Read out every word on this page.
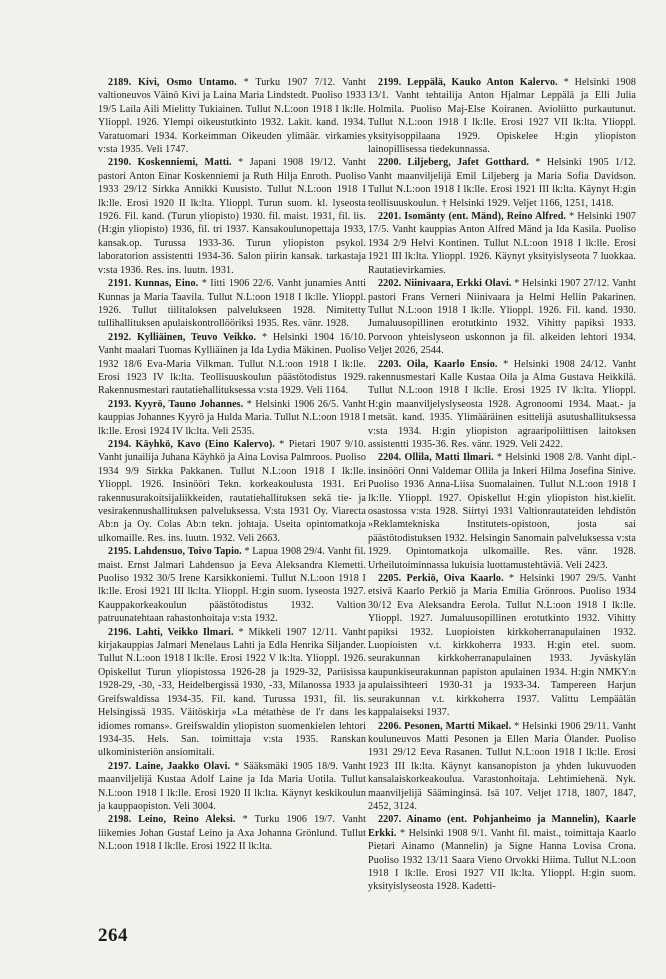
2189. Kivi, Osmo Untamo. * Turku 1907 7/12. Vanht valtioneuvos Väinö Kivi ja Laina Maria Lindstedt. Puoliso 1933 19/5 Laila Aili Mielitty Tukiainen. Tullut N.L:oon 1918 I lk:lle. Ylioppl. 1926. Ylempi oikeustutkinto 1932. Lakit. kand. 1934. Varatuomari 1934. Korkeimman Oikeuden ylimäär. virkamies v:sta 1935. Veli 1747.

2190. Koskenniemi, Matti. * Japani 1908 19/12. Vanht pastori Anton Einar Koskenniemi ja Ruth Hilja Enroth. Puoliso 1933 29/12 Sirkka Annikki Kuusisto. Tullut N.L:oon 1918 I lk:lle. Erosi 1920 II lk:lta. Ylioppl. Turun suom. kl. lyseosta 1926. Fil. kand. (Turun yliopisto) 1930. fil. maist. 1931, fil. lis. (H:gin yliopisto) 1936, fil. tri 1937. Kansakoulunopettaja 1933, kansak.op. Turussa 1933-36. Turun yliopiston psykol. laboratorion assistentti 1934-36. Salon piirin kansak. tarkastaja v:sta 1936. Res. ins. luutn. 1931.

2191. Kunnas, Eino. * Iitti 1906 22/6. Vanht junamies Antti Kunnas ja Maria Taavila. Tullut N.L:oon 1918 I lk:lle. Ylioppl. 1926. Tullut tiilitaloksen palvelukseen 1928. Nimitetty tullihallituksen apulaiskontrollööriksi 1935. Res. vänr. 1928.

2192. Kylliäinen, Teuvo Veikko. * Helsinki 1904 16/10. Vanht maalari Tuomas Kylliäinen ja Ida Lydia Mäkinen. Puoliso 1932 18/6 Eva-Maria Vilkman. Tullut N.L:oon 1918 I lk:lle. Erosi 1923 IV lk:lta. Teollisuuskoulun päästötodistus 1929. Rakennusmestari rautatiehallituksessa v:sta 1929. Veli 1164.

2193. Kyyrö, Tauno Johannes. * Helsinki 1906 26/5. Vanht kauppias Johannes Kyyrö ja Hulda Maria. Tullut N.L:oon 1918 I lk:lle. Erosi 1924 IV lk:lta. Veli 2535.

2194. Käyhkö, Kavo (Eino Kalervo). * Pietari 1907 9/10. Vanht junailija Juhana Käyhkö ja Aina Lovisa Palmroos. Puoliso 1934 9/9 Sirkka Pakkanen. Tullut N.L:oon 1918 I lk:lle. Ylioppl. 1926. Insinööri Tekn. korkeakoulusta 1931. Eri rakennusurakoitsijaliikkeiden, rautatiehallituksen sekä tie- ja vesirakennushallituksen palveluksessa. V:sta 1931 Oy. Viarecta Ab:n ja Oy. Colas Ab:n tekn. johtaja. Useita opintomatkoja ulkomaille. Res. ins. luutn. 1932. Veli 2663.

2195. Lahdensuo, Toivo Tapio. * Lapua 1908 29/4. Vanht fil. maist. Ernst Jalmari Lahdensuo ja Eeva Aleksandra Klemetti. Puoliso 1932 30/5 Irene Karsikkoniemi. Tullut N.L:oon 1918 I lk:lle. Erosi 1921 III lk:lta. Ylioppl. H:gin suom. lyseosta 1927. Kauppakorkeakoulun päästötodistus 1932. Valtion patruunatehtaan rahastonhoitaja v:sta 1932.

2196. Lahti, Veikko Ilmari. * Mikkeli 1907 12/11. Vanht kirjakauppias Jalmari Menelaus Lahti ja Edla Henrika Siljander. Tullut N.L:oon 1918 I lk:lle. Erosi 1922 V lk:lta. Ylioppl. 1926. Opiskellut Turun yliopistossa 1926-28 ja 1929-32, Pariisissa 1928-29, -30, -33, Heidelbergissä 1930, -33, Milanossa 1933 ja Greifswaldissa 1934-35. Fil. kand. Turussa 1931, fil. lis. Helsingissä 1935. Väitöskirja »La métathèse de l'r dans les idiomes romans». Greifswaldin yliopiston suomenkielen lehtori 1934-35. Hels. San. toimittaja v:sta 1935. Ranskan ulkoministeriön ansiomitali.

2197. Laine, Jaakko Olavi. * Sääksmäki 1905 18/9. Vanht maanviljelijä Kustaa Adolf Laine ja Ida Maria Uotila. Tullut N.L:oon 1918 I lk:lle. Erosi 1920 II lk:lta. Käynyt keskikoulun ja kauppaopiston. Veli 3004.

2198. Leino, Reino Aleksi. * Turku 1906 19/7. Vanht liikemies Johan Gustaf Leino ja Axa Johanna Grönlund. Tullut N.L:oon 1918 I lk:lle. Erosi 1922 II lk:lta.

2199. Leppälä, Kauko Anton Kalervo. * Helsinki 1908 13/1. Vanht tehtailija Anton Hjalmar Leppälä ja Elli Julia Holmila. Puoliso Maj-Else Koiranen. Avioliitto purkautunut. Tullut N.L:oon 1918 I lk:lle. Erosi 1927 VII lk:lta. Ylioppl. yksityisoppilaana 1929. Opiskelee H:gin yliopiston lainopillisessa tiedekunnassa.

2200. Liljeberg, Jafet Gotthard. * Helsinki 1905 1/12. Vanht maanviljelijä Emil Liljeberg ja Maria Sofia Davidson. Tullut N.L:oon 1918 I lk:lle. Erosi 1921 III lk:lta. Käynyt H:gin teollisuuskoulun. † Helsinki 1929. Veljet 1166, 1251, 1418.

2201. Isomänty (ent. Mänd), Reino Alfred. * Helsinki 1907 17/5. Vanht kauppias Anton Alfred Mänd ja Ida Kasila. Puoliso 1934 2/9 Helvi Kontinen. Tullut N.L:oon 1918 I lk:lle. Erosi 1921 III lk:lta. Ylioppl. 1926. Käynyt yksityislyseota 7 luokkaa. Rautatievirkamies.

2202. Niinivaara, Erkki Olavi. * Helsinki 1907 27/12. Vanht pastori Frans Verneri Niinivaara ja Helmi Hellin Pakarinen. Tullut N.L:oon 1918 I lk:lle. Ylioppl. 1926. Fil. kand. 1930. Jumaluusopillinen erotutkinto 1932. Vihitty papiksi 1933. Porvoon yhteislyseon uskonnon ja fil. alkeiden lehtori 1934. Veljet 2026, 2544.

2203. Oila, Kaarlo Ensio. * Helsinki 1908 24/12. Vanht rakennusmestari Kalle Kustaa Oila ja Alma Gustava Heikkilä. Tullut N.L:oon 1918 I lk:lle. Erosi 1925 IV lk:lta. Ylioppl. H:gin maanviljelyslyseosta 1928. Agronoomi 1934. Maat.- ja metsät. kand. 1935. Ylimääräinen esittelijä asutushallituksessa v:sta 1934. H:gin yliopiston agraaripoliittisen laitoksen assistentti 1935-36. Res. vänr. 1929. Veli 2422.

2204. Ollila, Matti Ilmari. * Helsinki 1908 2/8. Vanht dipl.-insinööri Onni Valdemar Ollila ja Inkeri Hilma Josefina Sinive. Puoliso 1936 Anna-Liisa Suomalainen. Tullut N.L:oon 1918 I lk:lle. Ylioppl. 1927. Opiskellut H:gin yliopiston hist.kielit. osastossa v:sta 1928. Siirtyi 1931 Valtionrautateiden lehdistön »Reklamtekniska Institutets-opistoon, josta sai päästötodistuksen 1932. Helsingin Sanomain palveluksessa v:sta 1929. Opintomatkoja ulkomaille. Res. vänr. 1928. Urheilutoiminnassa lukuisia luottamustehtäviä. Veli 2423.

2205. Perkiö, Oiva Kaarlo. * Helsinki 1907 29/5. Vanht etsivä Kaarlo Perkiö ja Maria Emilia Grönroos. Puoliso 1934 30/12 Eva Aleksandra Eerola. Tullut N.L:oon 1918 I lk:lle. Ylioppl. 1927. Jumaluusopillinen erotutkinto 1932. Vihitty papiksi 1932. Luopioisten kirkkoherranapulainen 1932. Luopioisten v.t. kirkkoherra 1933. H:gin etel. suom. seurakunnan kirkkoherranapulainen 1933. Jyväskylän kaupunkiseurakunnan papiston apulainen 1934. H:gin NMKY:n apulaissihteeri 1930-31 ja 1933-34. Tampereen Harjun seurakunnan v.t. kirkkoherra 1937. Valittu Lempäälän kappalaiseksi 1937.

2206. Pesonen, Martti Mikael. * Helsinki 1906 29/11. Vanht kouluneuvos Matti Pesonen ja Ellen Maria Ölander. Puoliso 1931 29/12 Eeva Rasanen. Tullut N.L:oon 1918 I lk:lle. Erosi 1923 III lk:lta. Käynyt kansanopiston ja yhden lukuvuoden kansalaiskorkeakoulua. Varastonhoitaja. Lehtimiehenä. Nyk. maanviljelijä Sääminginsä. Isä 107. Veljet 1718, 1807, 1847, 2452, 3124.

2207. Ainamo (ent. Pohjanheimo ja Mannelin), Kaarle Erkki. * Helsinki 1908 9/1. Vanht fil. maist., toimittaja Kaarlo Pietari Ainamo (Mannelin) ja Signe Hanna Lovisa Crona. Puoliso 1932 13/11 Saara Vieno Orvokki Hiima. Tullut N.L:oon 1918 I lk:lle. Erosi 1927 VII lk:lta. Ylioppl. H:gin suom. yksityislyseosta 1928. Kadetti-

264
